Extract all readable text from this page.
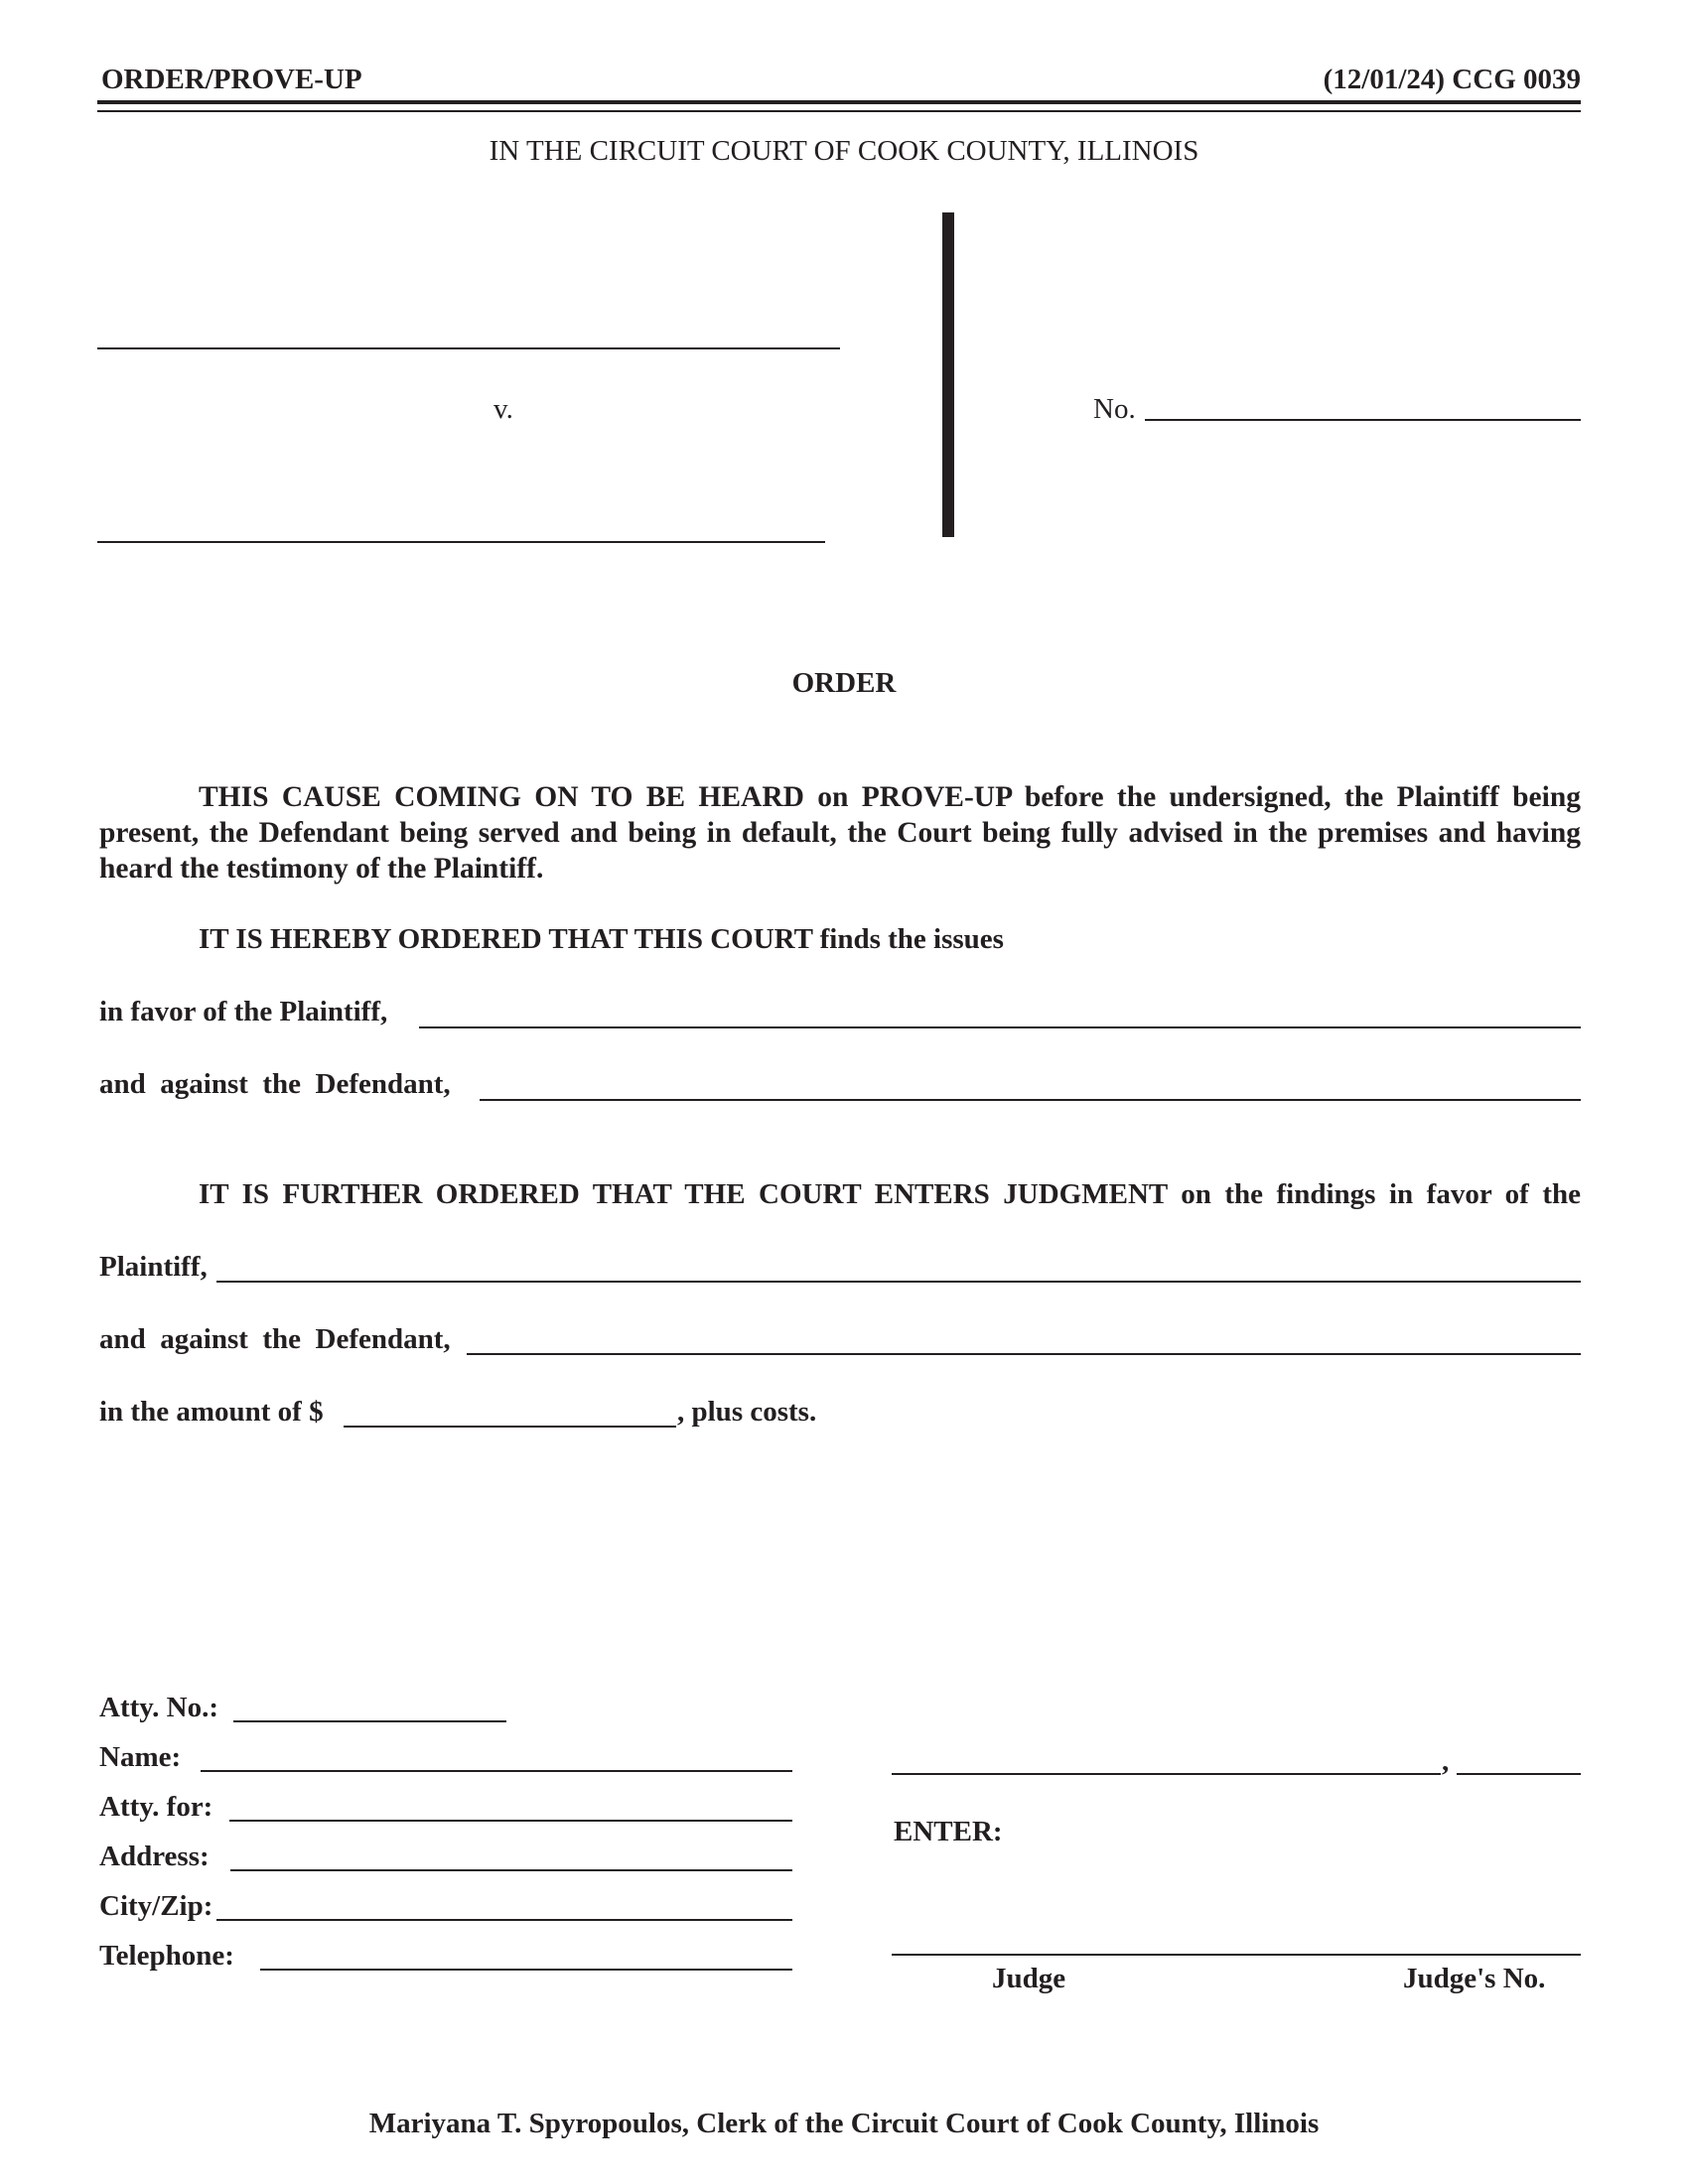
ORDER/PROVE-UP	(12/01/24) CCG 0039
IN THE CIRCUIT COURT OF COOK COUNTY, ILLINOIS
v.	No.
ORDER
THIS CAUSE COMING ON TO BE HEARD on PROVE-UP before the undersigned, the Plaintiff being present, the Defendant being served and being in default, the Court being fully advised in the premises and having heard the testimony of the Plaintiff.
IT IS HEREBY ORDERED THAT THIS COURT finds the issues
in favor of the Plaintiff,
and  against  the  Defendant,
IT IS FURTHER ORDERED THAT THE COURT ENTERS JUDGMENT on the findings in favor of the
Plaintiff,
and  against  the  Defendant,
in the amount of $	, plus costs.
Atty. No.:
Name:
Atty. for:
Address:
City/Zip:
Telephone:
,
ENTER:
Judge	Judge's No.
Mariyana T. Spyropoulos, Clerk of the Circuit Court of Cook County, Illinois
